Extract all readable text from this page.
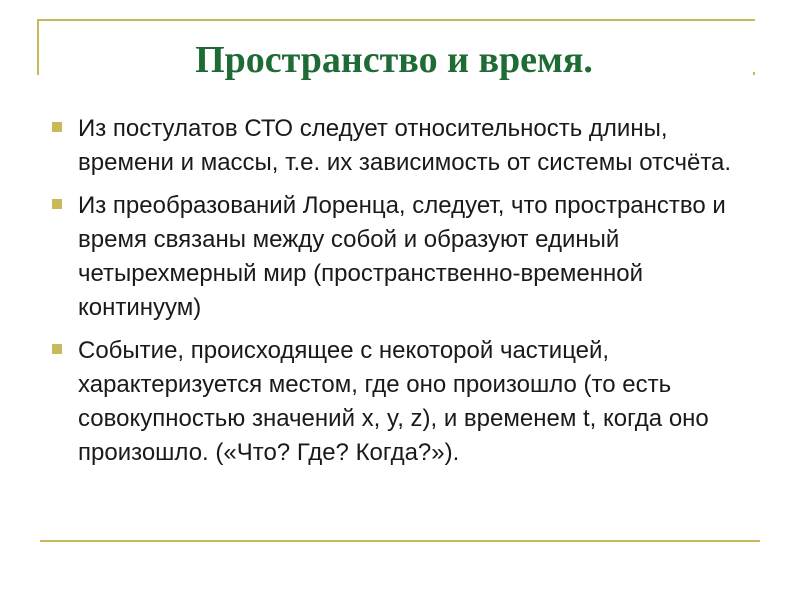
Пространство и время.
Из постулатов СТО следует относительность длины, времени и массы, т.е. их зависимость от системы отсчёта.
Из преобразований Лоренца, следует, что пространство и время связаны между собой и образуют единый четырехмерный мир (пространственно-временной континуум)
Событие, происходящее с некоторой частицей, характеризуется местом, где оно произошло (то есть совокупностью значений x, y, z), и временем t, когда оно произошло. («Что? Где? Когда?»).
